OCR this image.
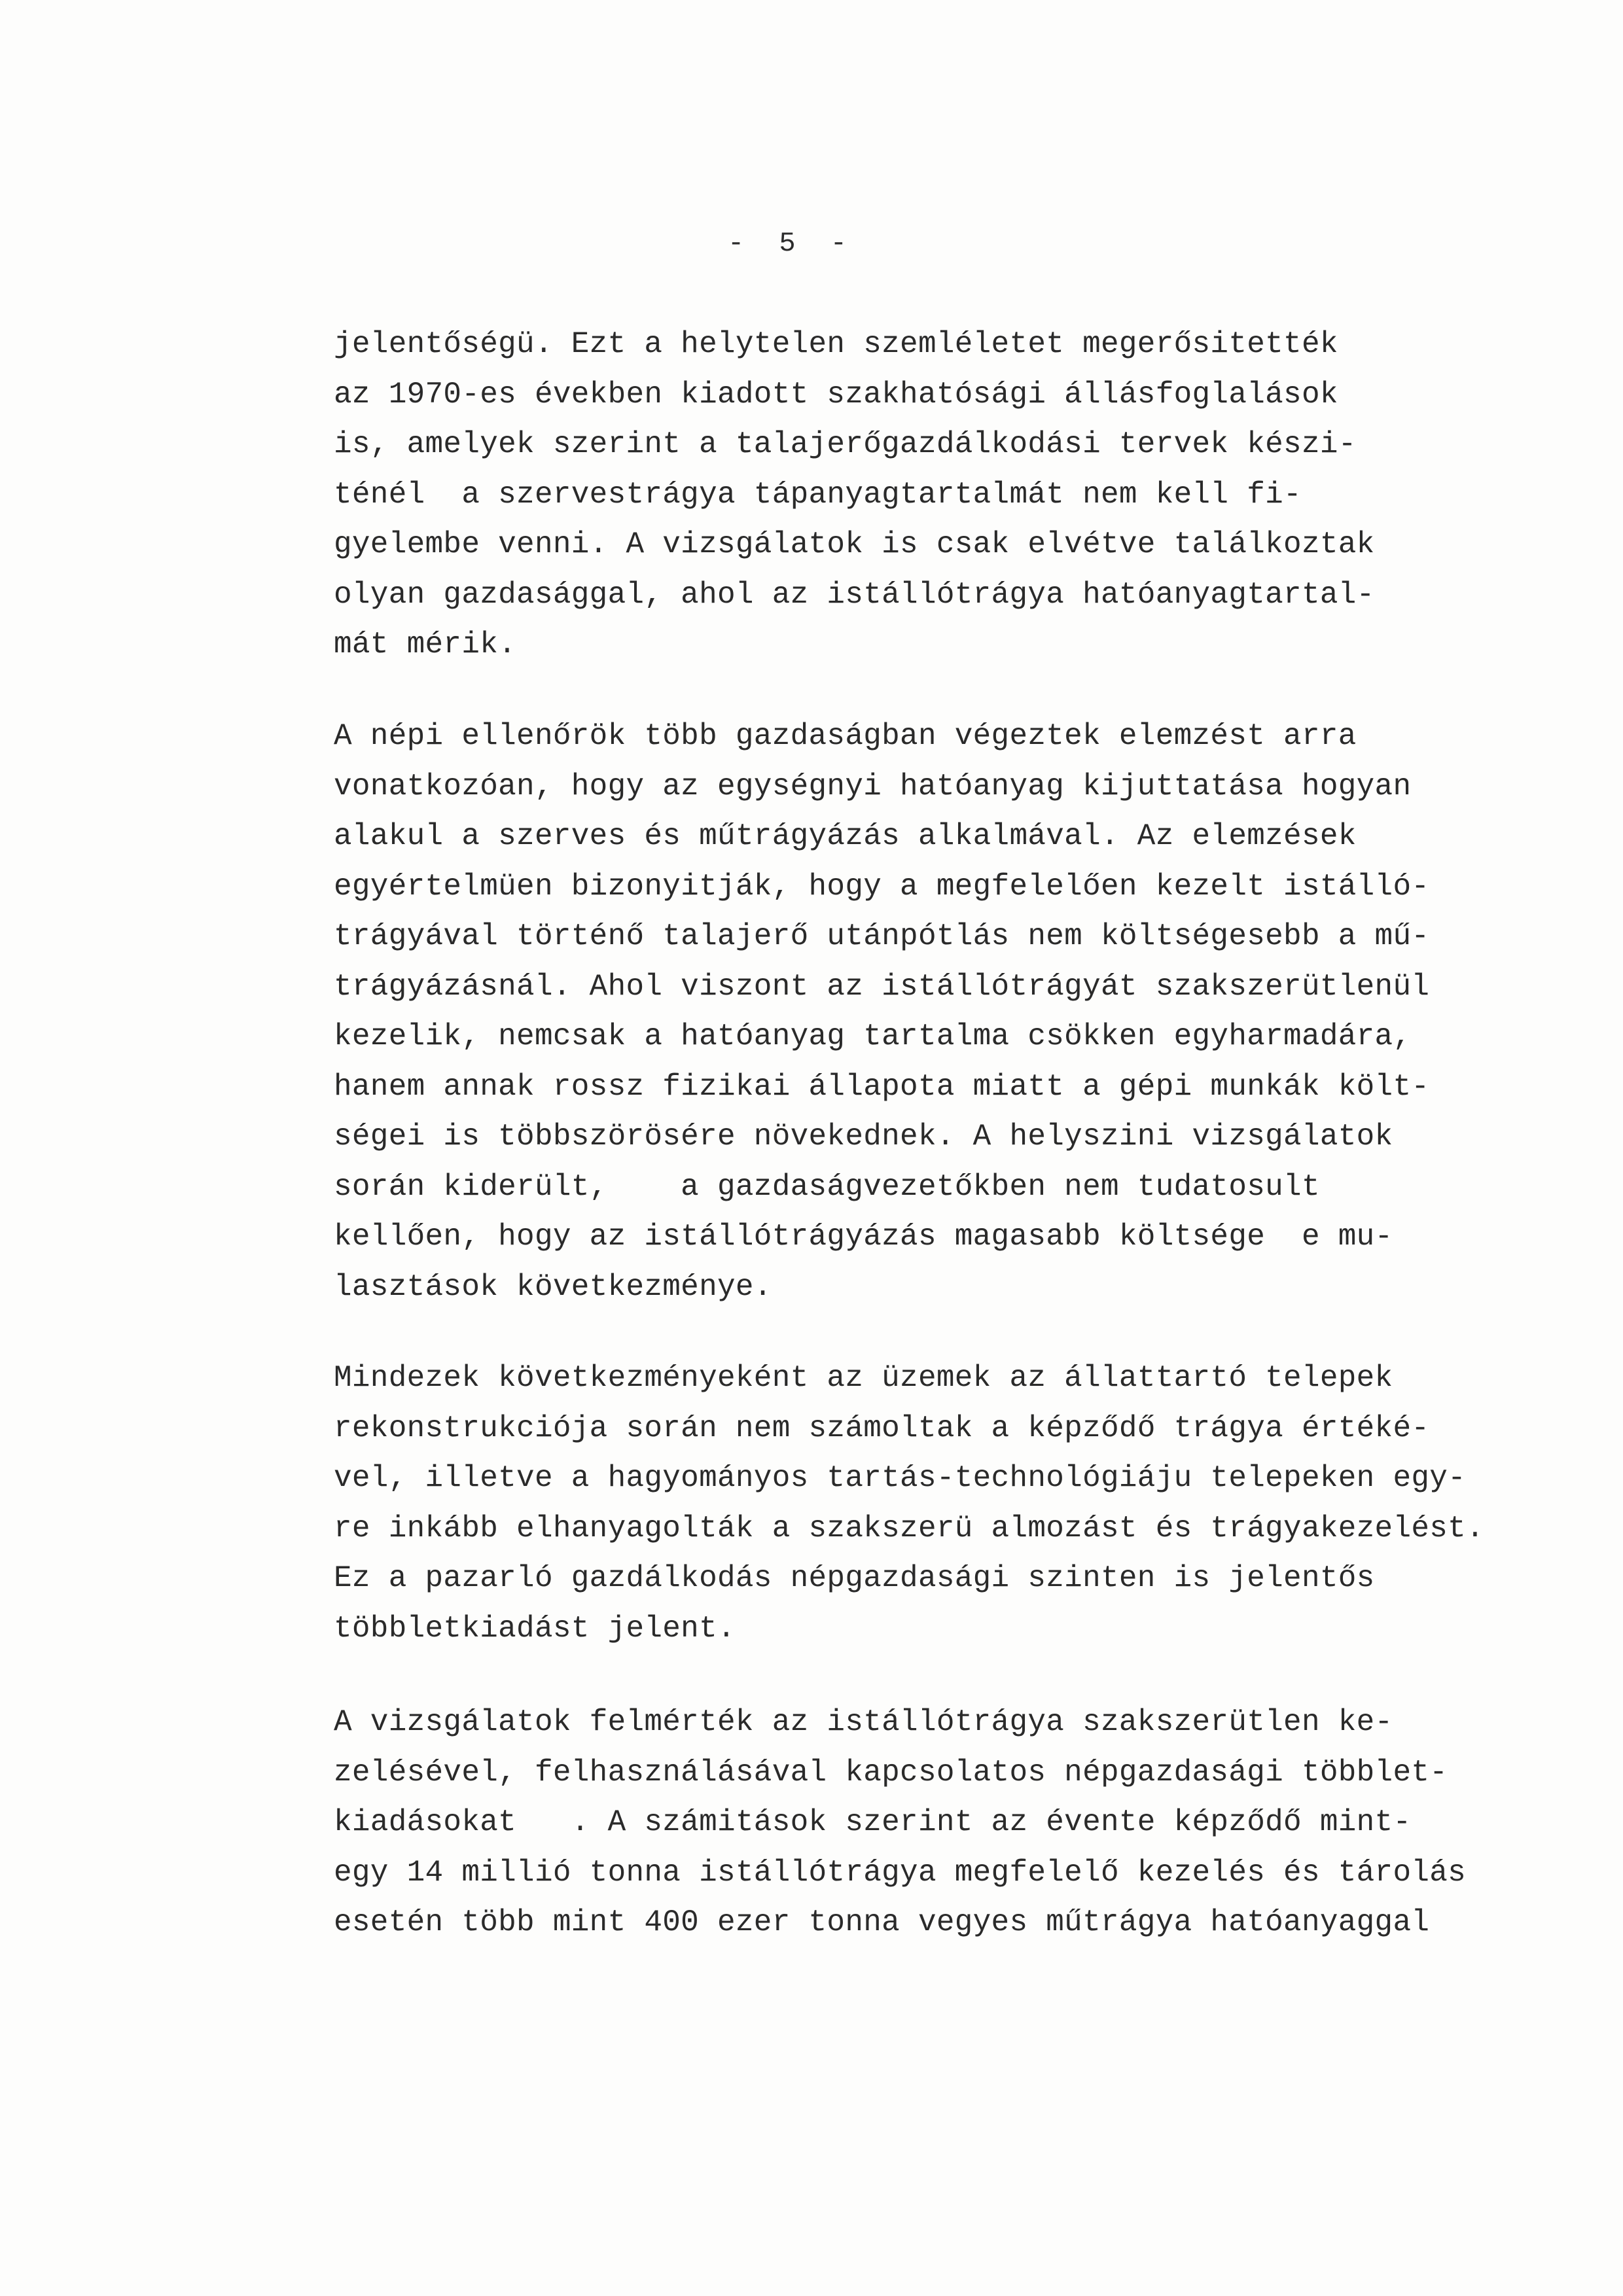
- 5 -

jelentőségü. Ezt a helytelen szemléletet megerősitették
az 1970-es években kiadott szakhatósági állásfoglalások
is, amelyek szerint a talajerőgazdálkodási tervek készi-
ténél  a szervestrágya tápanyagtartalmát nem kell fi-
gyelembe venni. A vizsgálatok is csak elvétve találkoztak
olyan gazdasággal, ahol az istállótrágya hatóanyagtartal-
mát mérik.

A népi ellenőrök több gazdaságban végeztek elemzést arra
vonatkozóan, hogy az egységnyi hatóanyag kijuttatása hogyan
alakul a szerves és műtrágyázás alkalmával. Az elemzések
egyértelmüen bizonyitják, hogy a megfelelően kezelt istálló-
trágyával történő talajerő utánpótlás nem költségesebb a mű-
trágyázásnál. Ahol viszont az istállótrágyát szakszerütlenül
kezelik, nemcsak a hatóanyag tartalma csökken egyharmadára,
hanem annak rossz fizikai állapota miatt a gépi munkák költ-
ségei is többszörösére növekednek. A helyszini vizsgálatok
során kiderült,    a gazdaságvezetőkben nem tudatosult
kellően, hogy az istállótrágyázás magasabb költsége  e mu-
lasztások következménye.

Mindezek következményeként az üzemek az állattartó telepek
rekonstrukciója során nem számoltak a képződő trágya értéké-
vel, illetve a hagyományos tartás-technológiáju telepeken egy-
re inkább elhanyagolták a szakszerü almozást és trágyakezelést.
Ez a pazarló gazdálkodás népgazdasági szinten is jelentős
többletkiadást jelent.

A vizsgálatok felmérték az istállótrágya szakszerütlen ke-
zelésével, felhasználásával kapcsolatos népgazdasági többlet-
kiadásokat   . A számitások szerint az évente képződő mint-
egy 14 millió tonna istállótrágya megfelelő kezelés és tárolás
esetén több mint 400 ezer tonna vegyes műtrágya hatóanyaggal
